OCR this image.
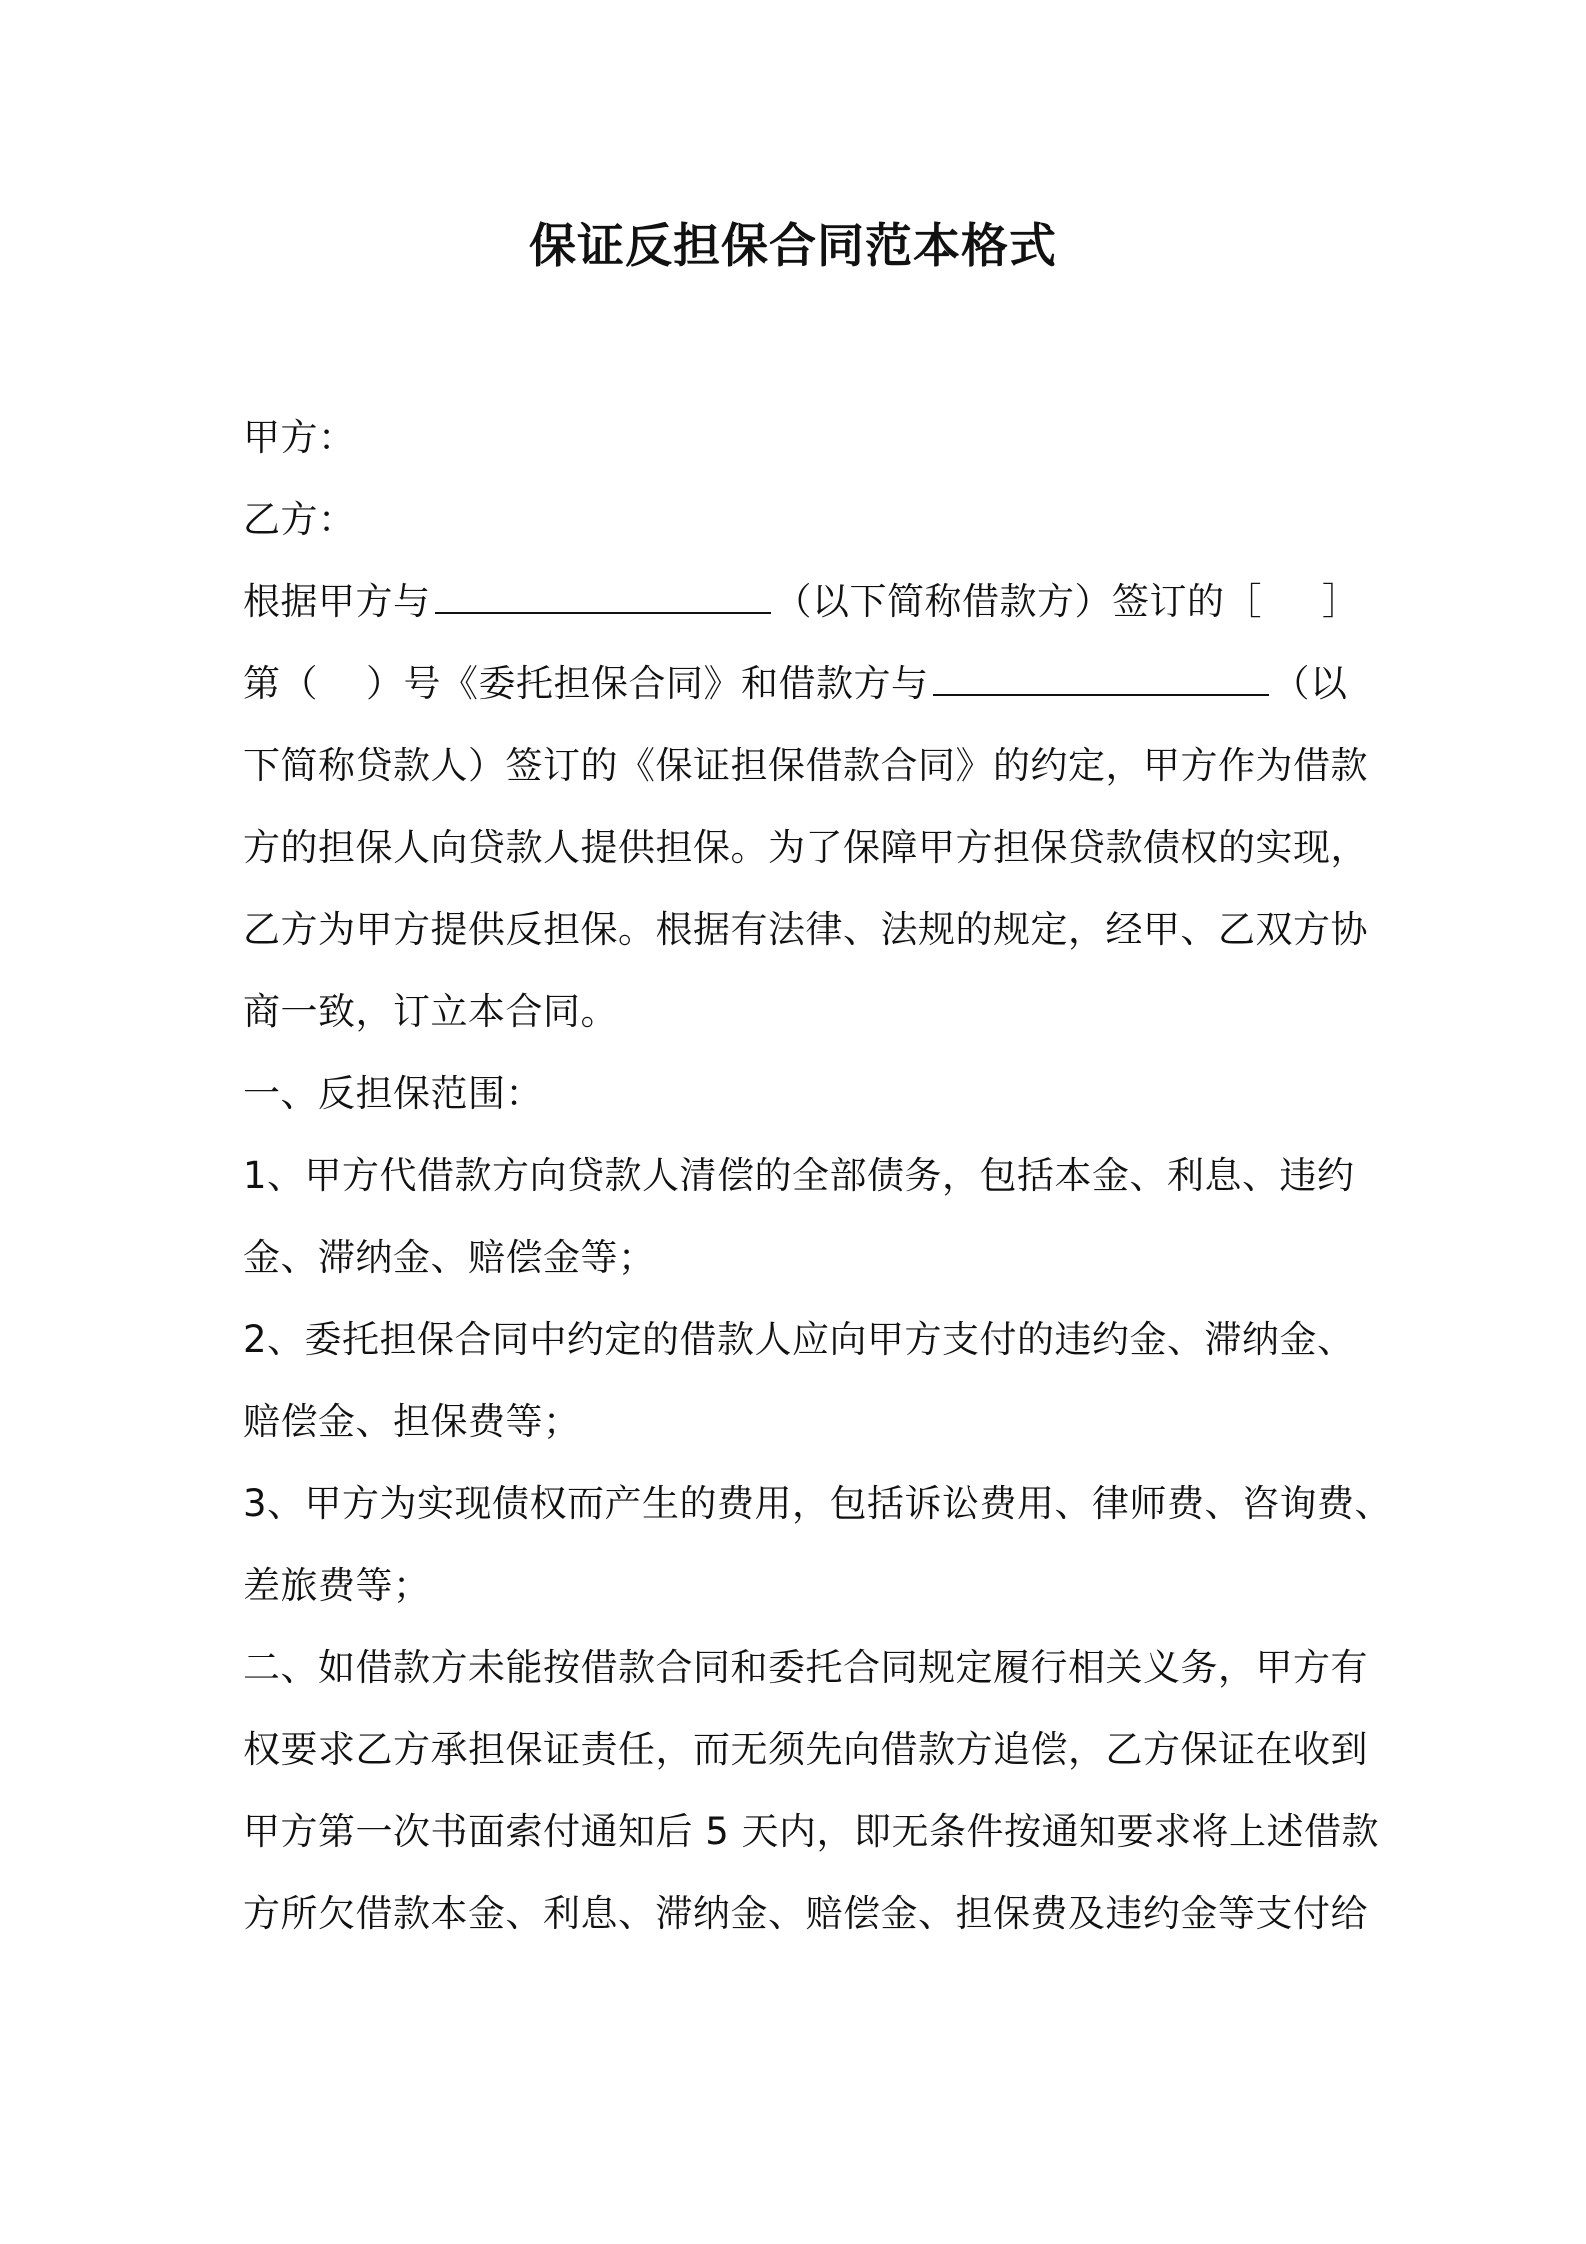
保证反担保合同范本格式
甲方：
乙方：
根据甲方与	（以下简称借款方）签订的［ ］
第（ ）号《委托担保合同》和借款方与	（以
下简称贷款人）签订的《保证担保借款合同》的约定，甲方作为借款
方的担保人向贷款人提供担保。为了保障甲方担保贷款债权的实现，
乙方为甲方提供反担保。根据有法律、法规的规定，经甲、乙双方协
商一致，订立本合同。
一、反担保范围：
1、甲方代借款方向贷款人清偿的全部债务，包括本金、利息、违约
金、滞纳金、赔偿金等；
2、委托担保合同中约定的借款人应向甲方支付的违约金、滞纳金、
赔偿金、担保费等；
3、甲方为实现债权而产生的费用，包括诉讼费用、律师费、咨询费、
差旅费等；
二、如借款方未能按借款合同和委托合同规定履行相关义务，甲方有
权要求乙方承担保证责任，而无须先向借款方追偿，乙方保证在收到
甲方第一次书面索付通知后 5 天内，即无条件按通知要求将上述借款
方所欠借款本金、利息、滞纳金、赔偿金、担保费及违约金等支付给
